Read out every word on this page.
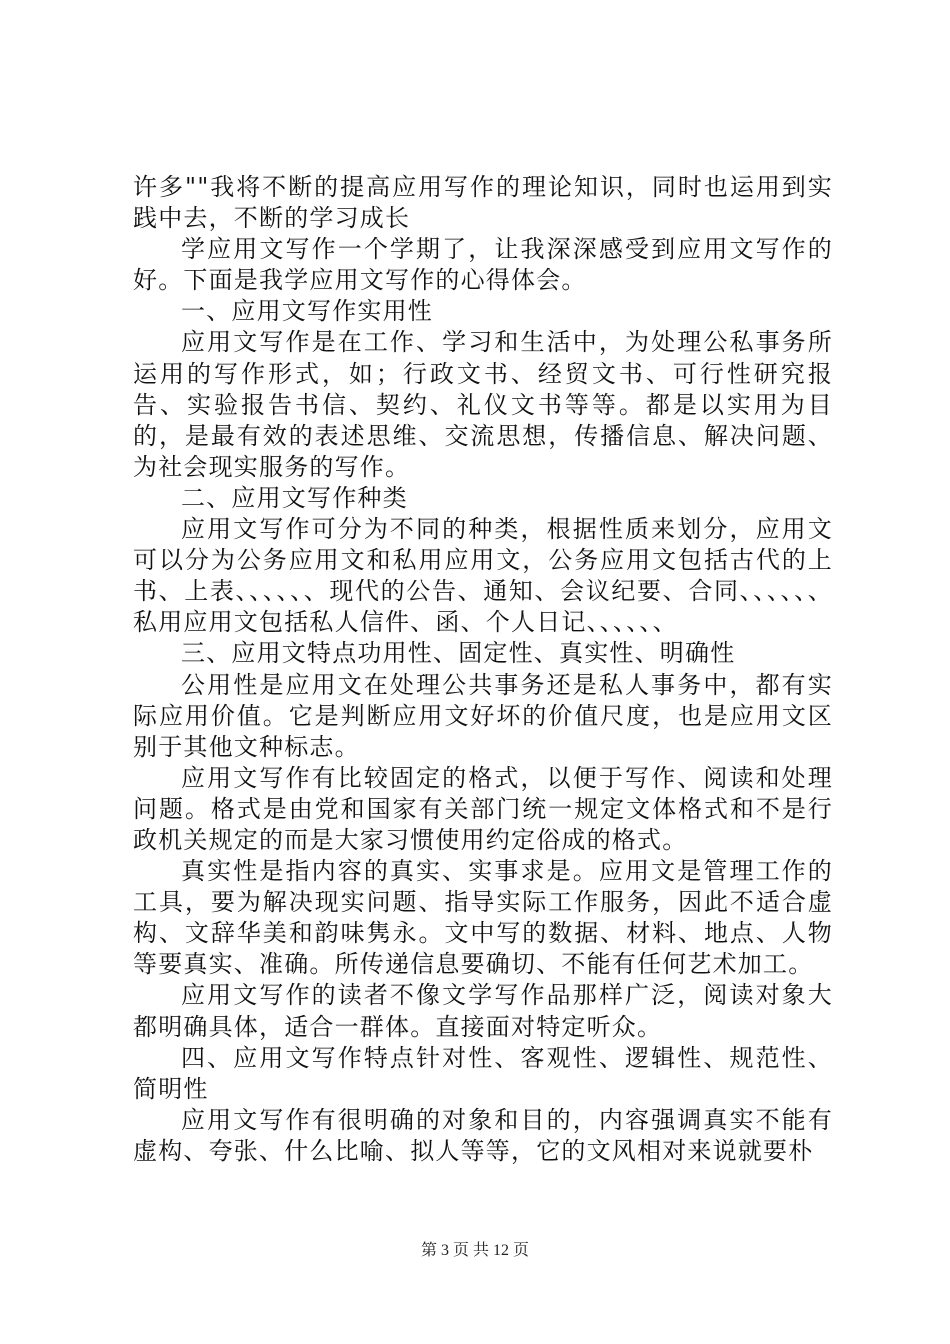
许多""我将不断的提高应用写作的理论知识，同时也运用到实践中去，不断的学习成长

学应用文写作一个学期了，让我深深感受到应用文写作的好。下面是我学应用文写作的心得体会。

一、应用文写作实用性

应用文写作是在工作、学习和生活中，为处理公私事务所运用的写作形式，如；行政文书、经贸文书、可行性研究报告、实验报告书信、契约、礼仪文书等等。都是以实用为目的，是最有效的表述思维、交流思想，传播信息、解决问题、为社会现实服务的写作。

二、应用文写作种类

应用文写作可分为不同的种类，根据性质来划分，应用文可以分为公务应用文和私用应用文，公务应用文包括古代的上书、上表、、、、、、现代的公告、通知、会议纪要、合同、、、、、、私用应用文包括私人信件、函、个人日记、、、、、、

三、应用文特点功用性、固定性、真实性、明确性

公用性是应用文在处理公共事务还是私人事务中，都有实际应用价值。它是判断应用文好坏的价值尺度，也是应用文区别于其他文种标志。

应用文写作有比较固定的格式，以便于写作、阅读和处理问题。格式是由党和国家有关部门统一规定文体格式和不是行政机关规定的而是大家习惯使用约定俗成的格式。

真实性是指内容的真实、实事求是。应用文是管理工作的工具，要为解决现实问题、指导实际工作服务，因此不适合虚构、文辞华美和韵味隽永。文中写的数据、材料、地点、人物等要真实、准确。所传递信息要确切、不能有任何艺术加工。

应用文写作的读者不像文学写作品那样广泛，阅读对象大都明确具体，适合一群体。直接面对特定听众。

四、应用文写作特点针对性、客观性、逻辑性、规范性、简明性

应用文写作有很明确的对象和目的，内容强调真实不能有虚构、夸张、什么比喻、拟人等等，它的文风相对来说就要朴

第 3 页 共 12 页
